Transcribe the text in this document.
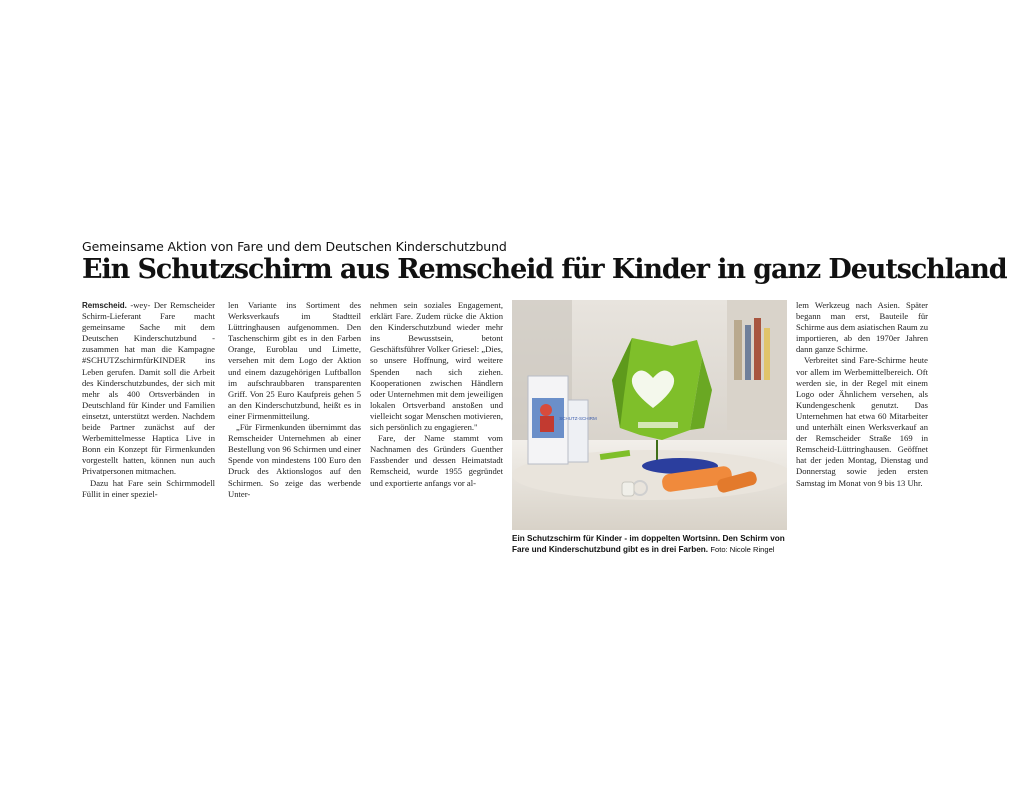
Gemeinsame Aktion von Fare und dem Deutschen Kinderschutzbund
Ein Schutzschirm aus Remscheid für Kinder in ganz Deutschland

Remscheid. -wey- Der Remscheider Schirm-Lieferant Fare macht gemeinsame Sache mit dem Deutschen Kinderschutzbund - zusammen hat man die Kampagne #SCHUTZschirmfürKINDER ins Leben gerufen. Damit soll die Arbeit des Kinderschutzbundes, der sich mit mehr als 400 Ortsverbänden in Deutschland für Kinder und Familien einsetzt, unterstützt werden. Nachdem beide Partner zunächst auf der Werbemittelmesse Haptica Live in Bonn ein Konzept für Firmenkunden vorgestellt hatten, können nun auch Privatpersonen mitmachen.

Dazu hat Fare sein Schirmmodell Füllit in einer speziel-

len Variante ins Sortiment des Werksverkaufs im Stadtteil Lüttringhausen aufgenommen. Den Taschenschirm gibt es in den Farben Orange, Euroblau und Limette, versehen mit dem Logo der Aktion und einem dazugehörigen Luftballon im aufschraubbaren transparenten Griff. Von 25 Euro Kaufpreis gehen 5 an den Kinderschutzbund, heißt es in einer Firmenmitteilung.

„Für Firmenkunden übernimmt das Remscheider Unternehmen ab einer Bestellung von 96 Schirmen und einer Spende von mindestens 100 Euro den Druck des Aktionslogos auf den Schirmen. So zeige das werbende Unter-

nehmen sein soziales Engagement, erklärt Fare. Zudem rücke die Aktion den Kinderschutzbund wieder mehr ins Bewusstsein, betont Geschäftsführer Volker Griesel: „Dies, so unsere Hoffnung, wird weitere Spenden nach sich ziehen. Kooperationen zwischen Händlern oder Unternehmen mit dem jeweiligen lokalen Ortsverband anstoßen und vielleicht sogar Menschen motivieren, sich persönlich zu engagieren."

Fare, der Name stammt vom Nachnamen des Gründers Guenther Fassbender und dessen Heimatstadt Remscheid, wurde 1955 gegründet und exportierte anfangs vor al-

lem Werkzeug nach Asien. Später begann man erst, Bauteile für Schirme aus dem asiatischen Raum zu importieren, ab den 1970er Jahren dann ganze Schirme.

Verbreitet sind Fare-Schirme heute vor allem im Werbemittelbereich. Oft werden sie, in der Regel mit einem Logo oder Ähnlichem versehen, als Kundengeschenk genutzt. Das Unternehmen hat etwa 60 Mitarbeiter und unterhält einen Werksverkauf an der Remscheider Straße 169 in Remscheid-Lüttringhausen. Geöffnet hat der jeden Montag, Dienstag und Donnerstag sowie jeden ersten Samstag im Monat von 9 bis 13 Uhr.

SCHUTZ-SCHIRM
Ein Schutzschirm für Kinder - im doppelten Wortsinn. Den Schirm von Fare und Kinderschutzbund gibt es in drei Farben. Foto: Nicole Ringel
